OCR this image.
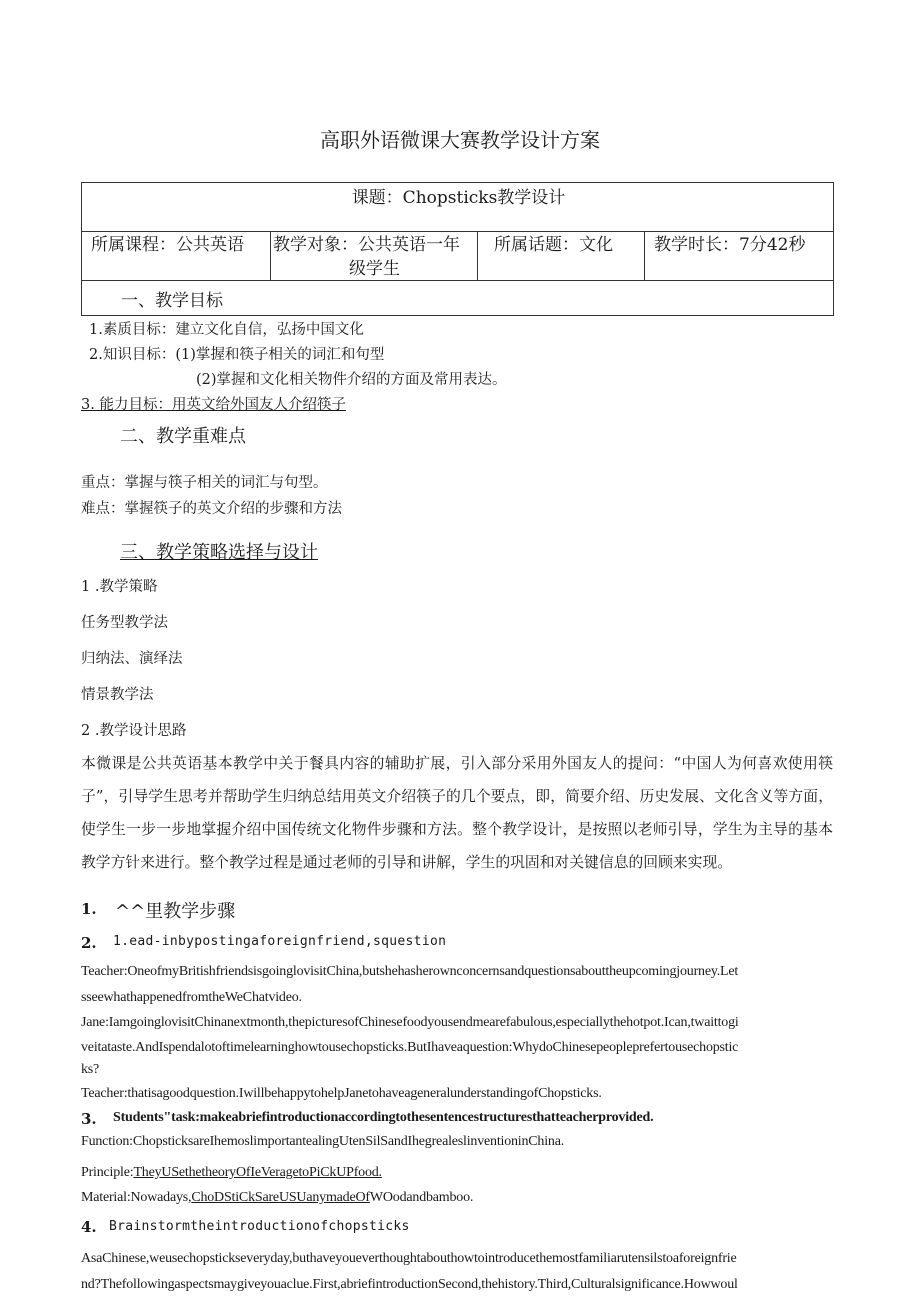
高职外语微课大赛教学设计方案
课题：Chopsticks教学设计
所属课程：公共英语 教学对象：公共英语一年
级学生
所属话题：文化 教学时长：7分42秒
一、教学目标
1.素质目标：建立文化自信，弘扬中国文化
2.知识目标：(1)掌握和筷子相关的词汇和句型
(2)掌握和文化相关物件介绍的方面及常用表达。
3. 能力目标：用英文给外国友人介绍筷子
二、教学重难点
重点：掌握与筷子相关的词汇与句型。
难点：掌握筷子的英文介绍的步骤和方法
三、教学策略选择与设计
1 .教学策略
任务型教学法
归纳法、演绎法
情景教学法
2 .教学设计思路
本微课是公共英语基本教学中关于餐具内容的辅助扩展，引入部分采用外国友人的提问：“中国人为何喜欢使用筷子”，引导学生思考并帮助学生归纳总结用英文介绍筷子的几个要点，即，简要介绍、历史发展、文化含义等方面，使学生一步一步地掌握介绍中国传统文化物件步骤和方法。整个教学设计，是按照以老师引导，学生为主导的基本教学方针来进行。整个教学过程是通过老师的引导和讲解，学生的巩固和对关键信息的回顾来实现。
1. ^^里教学步骤
2. 1.ead-inbypostingaforeignfriend,squestion
Teacher:OneofmyBritishfriendsisgoinglovisitChina,butshehasherownconcernsandquestionsabouttheupcomingjourney.Let
sseewhathappenedfromtheWeChatvideo.
Jane:IamgoinglovisitChinanextmonth,thepicturesofChinesefoodyousendmearefabulous,especiallythehotpot.Ican,twaittogi
veitataste.AndIspendalotoftimelearninghowtousechopsticks.ButIhaveaquestion:WhydoChinesepeopleprefertousechopstic
ks?
Teacher:thatisagoodquestion.IwillbehappytohelpJanetohaveageneralunderstandingofChopsticks.
3. Students"task:makeabriefintroductionaccordingtothesentencestructuresthatteacherprovided.
Function:ChopsticksareIhemoslimportantealingUtenSilSandIhegrealeslinventioninChina.
Principle:TheyUSethetheoryOfIeVeragetoPiCkUPfood.
Material:Nowadays,ChoDStiCkSareUSUanymadeOfWOodandbamboo.
4. Brainstormtheintroductionofchopsticks
AsaChinese,weusechopstickseveryday,buthaveyoueverthoughtabouthowtointroducethemostfamiliarutensilstoaforeignfrie
nd?Thefollowingaspectsmaygiveyouaclue.First,abriefintroductionSecond,thehistory.Third,Culturalsignificance.Howwoul
